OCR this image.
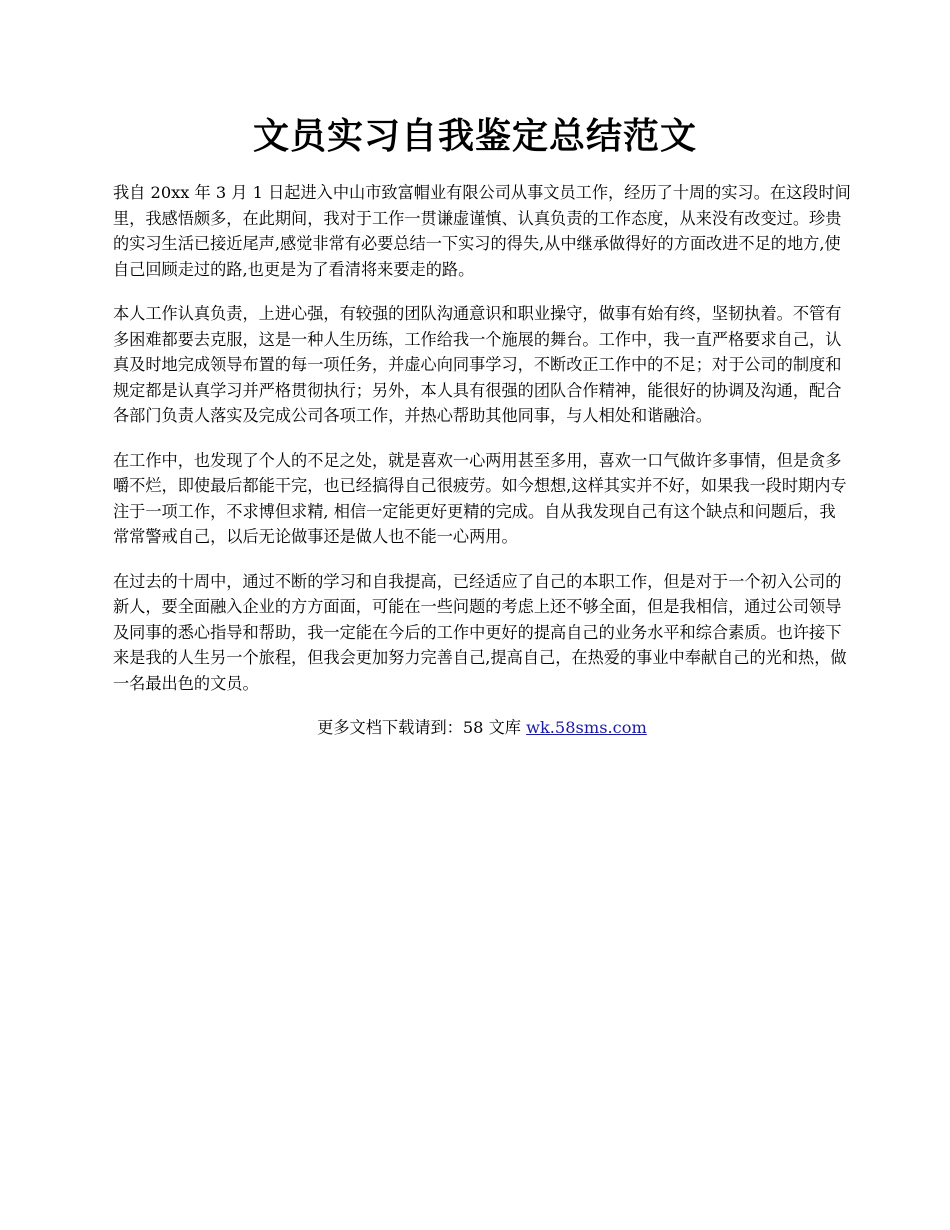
文员实习自我鉴定总结范文

我自 20xx 年 3 月 1 日起进入中山市致富帽业有限公司从事文员工作，经历了十周的实习。在这段时间里，我感悟颇多，在此期间，我对于工作一贯谦虚谨慎、认真负责的工作态度，从来没有改变过。珍贵的实习生活已接近尾声,感觉非常有必要总结一下实习的得失,从中继承做得好的方面改进不足的地方,使自己回顾走过的路,也更是为了看清将来要走的路。

本人工作认真负责，上进心强，有较强的团队沟通意识和职业操守，做事有始有终，坚韧执着。不管有多困难都要去克服，这是一种人生历练，工作给我一个施展的舞台。工作中，我一直严格要求自己，认真及时地完成领导布置的每一项任务，并虚心向同事学习，不断改正工作中的不足；对于公司的制度和规定都是认真学习并严格贯彻执行；另外，本人具有很强的团队合作精神，能很好的协调及沟通，配合各部门负责人落实及完成公司各项工作，并热心帮助其他同事，与人相处和谐融洽。

在工作中，也发现了个人的不足之处，就是喜欢一心两用甚至多用，喜欢一口气做许多事情，但是贪多嚼不烂，即使最后都能干完，也已经搞得自己很疲劳。如今想想,这样其实并不好，如果我一段时期内专注于一项工作，不求博但求精, 相信一定能更好更精的完成。自从我发现自己有这个缺点和问题后，我常常警戒自己，以后无论做事还是做人也不能一心两用。

在过去的十周中，通过不断的学习和自我提高，已经适应了自己的本职工作，但是对于一个初入公司的新人，要全面融入企业的方方面面，可能在一些问题的考虑上还不够全面，但是我相信，通过公司领导及同事的悉心指导和帮助，我一定能在今后的工作中更好的提高自己的业务水平和综合素质。也许接下来是我的人生另一个旅程，但我会更加努力完善自己,提高自己，在热爱的事业中奉献自己的光和热，做一名最出色的文员。

更多文档下载请到：58 文库 wk.58sms.com
